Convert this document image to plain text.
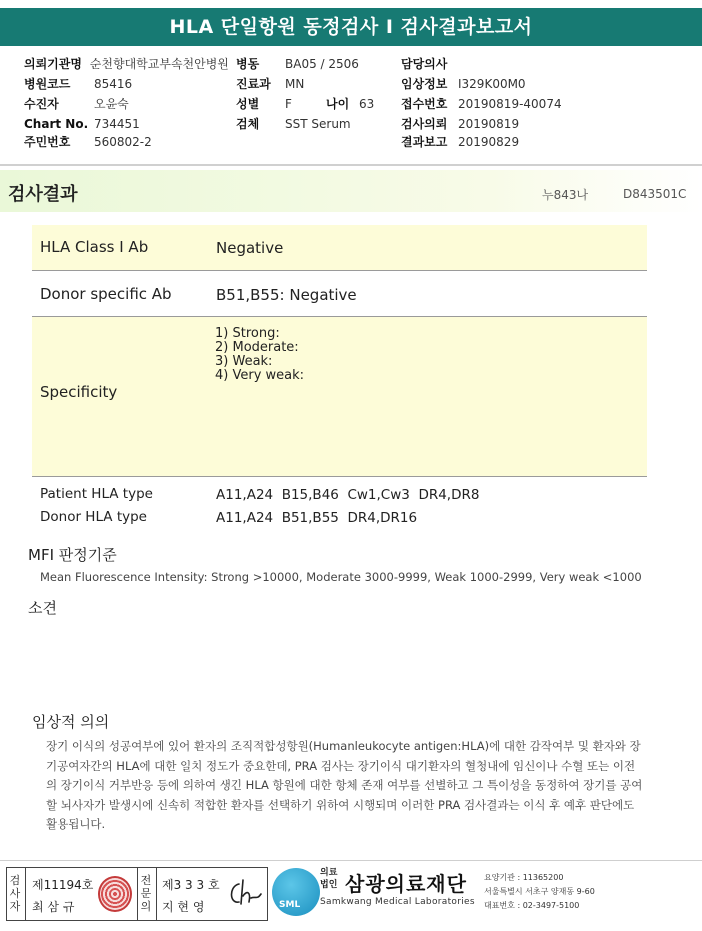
HLA 단일항원 동정검사 I 검사결과보고서
의뢰기관명 순천향대학교부속천안병원
병원코드 85416
수진자	오윤숙
Chart No. 734451
주민번호 560802-2
병동 BA05 / 2506
진료과 MN
성별 F	나이 63
검체 SST Serum
담당의사
임상정보 I329K00M0
접수번호 20190819-40074
검사의뢰 20190819
결과보고 20190829
검사결과	누843나	D843501C
HLA Class I Ab	Negative
Donor specific Ab	B51,B55: Negative
Specificity
1) Strong:
2) Moderate:
3) Weak:
4) Very weak:
Patient HLA type	A11,A24  B15,B46  Cw1,Cw3  DR4,DR8
Donor HLA type	A11,A24  B51,B55  DR4,DR16
MFI 판정기준
Mean Fluorescence Intensity: Strong >10000, Moderate 3000-9999, Weak 1000-2999, Very weak <1000
소견
임상적 의의
장기 이식의 성공여부에 있어 환자의 조직적합성항원(Humanleukocyte antigen:HLA)에 대한 감작여부 및 환자와 장기공여자간의 HLA에 대한 일치 정도가 중요한데, PRA 검사는 장기이식 대기환자의 혈청내에 임신이나 수혈 또는 이전의 장기이식 거부반응 등에 의하여 생긴 HLA 항원에 대한 항체 존재 여부를 선별하고 그 특이성을 동정하여 장기를 공여할 뇌사자가 발생시에 신속히 적합한 환자를 선택하기 위하여 시행되며 이러한 PRA 검사결과는 이식 후 예후 판단에도 활용됩니다.
검사자
제11194호
최 삼 규
전문의
제3 3 3 호
지 현 영	SML
의료
법인 삼광의료재단
Samkwang Medical Laboratories
요양기관 : 11365200
서울특별시 서초구 양재동 9-60
대표번호 : 02-3497-5100
